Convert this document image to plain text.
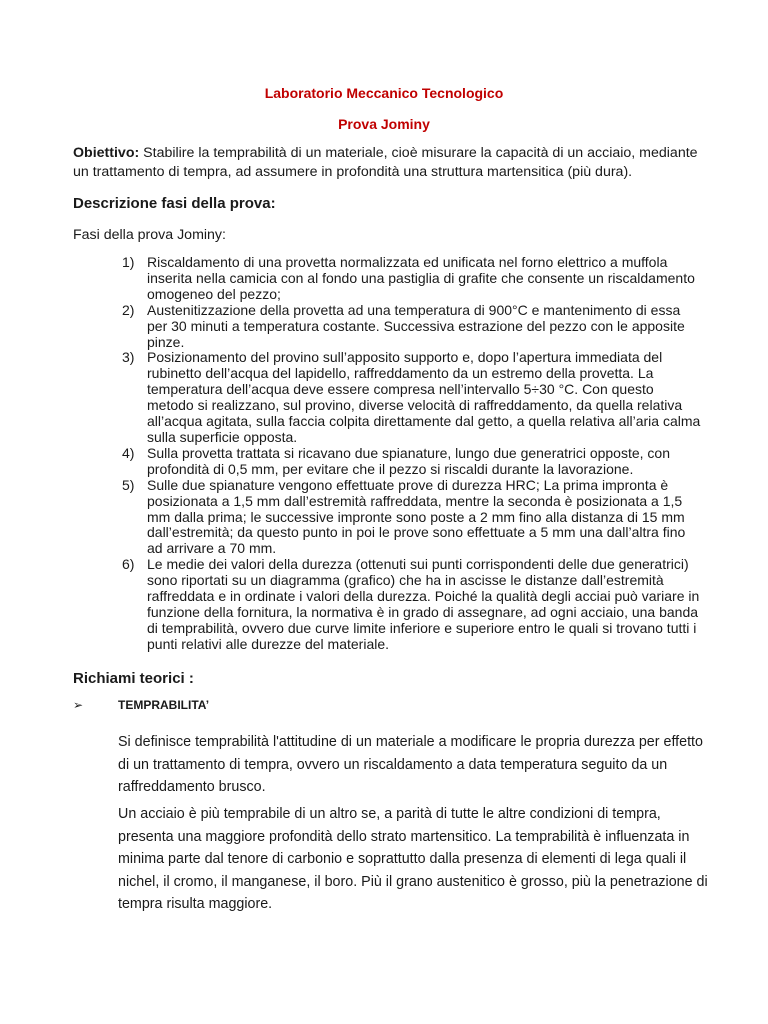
Laboratorio Meccanico Tecnologico
Prova Jominy
Obiettivo: Stabilire la temprabilità di un materiale, cioè misurare la capacità di un acciaio, mediante un trattamento di tempra, ad assumere in profondità una struttura martensitica (più dura).
Descrizione fasi della prova:
Fasi della prova Jominy:
1) Riscaldamento di una provetta normalizzata ed unificata nel forno elettrico a muffola inserita nella camicia con al fondo una pastiglia di grafite che consente un riscaldamento omogeneo del pezzo;
2) Austenitizzazione della provetta ad una temperatura di 900°C e mantenimento di essa per 30 minuti a temperatura costante. Successiva estrazione del pezzo con le apposite pinze.
3) Posizionamento del provino sull’apposito supporto e, dopo l’apertura immediata del rubinetto dell’acqua del lapidello, raffreddamento da un estremo della provetta. La temperatura dell’acqua deve essere compresa nell’intervallo 5÷30 °C. Con questo metodo si realizzano, sul provino, diverse velocità di raffreddamento, da quella relativa all’acqua agitata, sulla faccia colpita direttamente dal getto, a quella relativa all’aria calma sulla superficie opposta.
4) Sulla provetta trattata si ricavano due spianature, lungo due generatrici opposte, con profondità di 0,5 mm, per evitare che il pezzo si riscaldi durante la lavorazione.
5) Sulle due spianature vengono effettuate prove di durezza HRC; La prima impronta è posizionata a 1,5 mm dall’estremità raffreddata, mentre la seconda è posizionata a 1,5 mm dalla prima; le successive impronte sono poste a 2 mm fino alla distanza di 15 mm dall’estremità; da questo punto in poi le prove sono effettuate a 5 mm una dall’altra fino ad arrivare a 70 mm.
6) Le medie dei valori della durezza (ottenuti sui punti corrispondenti delle due generatrici) sono riportati su un diagramma (grafico) che ha in ascisse le distanze dall’estremità raffreddata e in ordinate i valori della durezza. Poiché la qualità degli acciai può variare in funzione della fornitura, la normativa è in grado di assegnare, ad ogni acciaio, una banda di temprabilità, ovvero due curve limite inferiore e superiore entro le quali si trovano tutti i punti relativi alle durezze del materiale.
Richiami teorici :
➢	TEMPRABILITA’
Si definisce temprabilità l'attitudine di un materiale a modificare le propria durezza per effetto di un trattamento di tempra, ovvero un riscaldamento a data temperatura seguito da un raffreddamento brusco.
Un acciaio è più temprabile di un altro se, a parità di tutte le altre condizioni di tempra, presenta una maggiore profondità dello strato martensitico. La temprabilità è influenzata in minima parte dal tenore di carbonio e soprattutto dalla presenza di elementi di lega quali il nichel, il cromo, il manganese, il boro. Più il grano austenitico è grosso, più la penetrazione di tempra risulta maggiore.
